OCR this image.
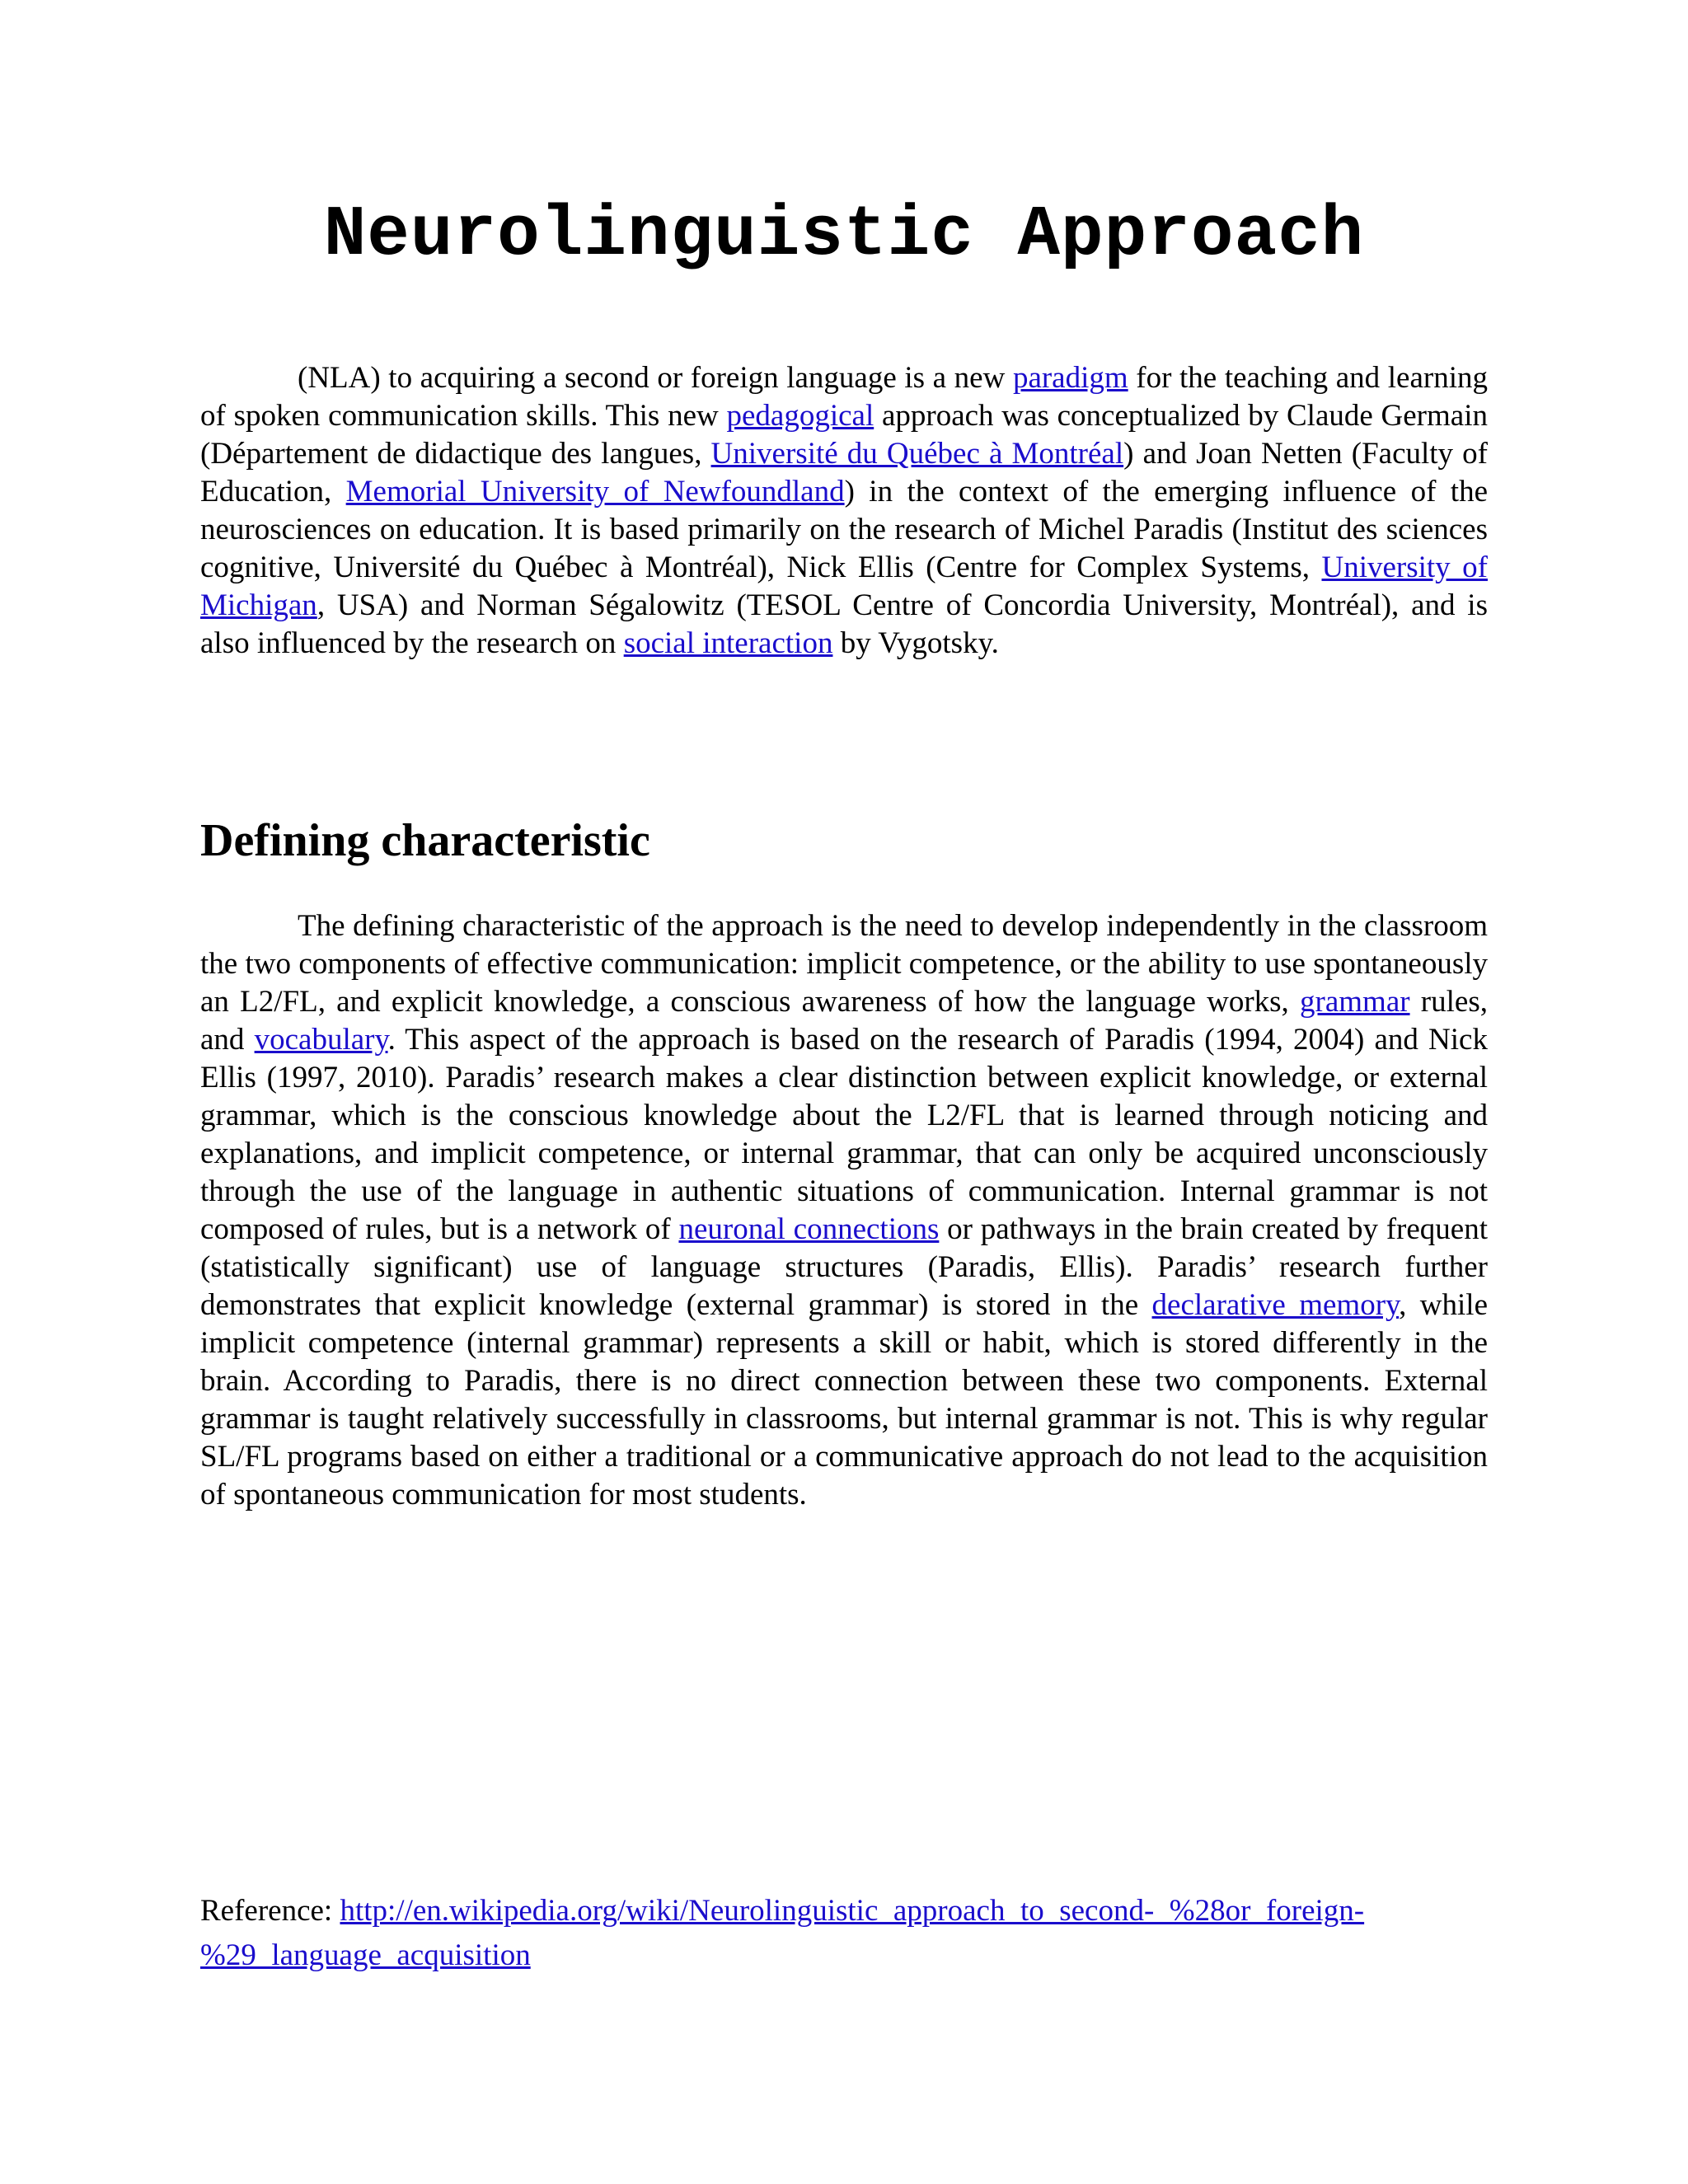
Neurolinguistic Approach

(NLA) to acquiring a second or foreign language is a new paradigm for the teaching and learning of spoken communication skills. This new pedagogical approach was conceptualized by Claude Germain (Département de didactique des langues, Université du Québec à Montréal) and Joan Netten (Faculty of Education, Memorial University of Newfoundland) in the context of the emerging influence of the neurosciences on education. It is based primarily on the research of Michel Paradis (Institut des sciences cognitive, Université du Québec à Montréal), Nick Ellis (Centre for Complex Systems, University of Michigan, USA) and Norman Ségalowitz (TESOL Centre of Concordia University, Montréal), and is also influenced by the research on social interaction by Vygotsky.

Defining characteristic

The defining characteristic of the approach is the need to develop independently in the classroom the two components of effective communication: implicit competence, or the ability to use spontaneously an L2/FL, and explicit knowledge, a conscious awareness of how the language works, grammar rules, and vocabulary. This aspect of the approach is based on the research of Paradis (1994, 2004) and Nick Ellis (1997, 2010). Paradis’ research makes a clear distinction between explicit knowledge, or external grammar, which is the conscious knowledge about the L2/FL that is learned through noticing and explanations, and implicit competence, or internal grammar, that can only be acquired unconsciously through the use of the language in authentic situations of communication. Internal grammar is not composed of rules, but is a network of neuronal connections or pathways in the brain created by frequent (statistically significant) use of language structures (Paradis, Ellis). Paradis’ research further demonstrates that explicit knowledge (external grammar) is stored in the declarative memory, while implicit competence (internal grammar) represents a skill or habit, which is stored differently in the brain. According to Paradis, there is no direct connection between these two components. External grammar is taught relatively successfully in classrooms, but internal grammar is not. This is why regular SL/FL programs based on either a traditional or a communicative approach do not lead to the acquisition of spontaneous communication for most students.

Reference: http://en.wikipedia.org/wiki/Neurolinguistic_approach_to_second-_%28or_foreign-%29_language_acquisition
